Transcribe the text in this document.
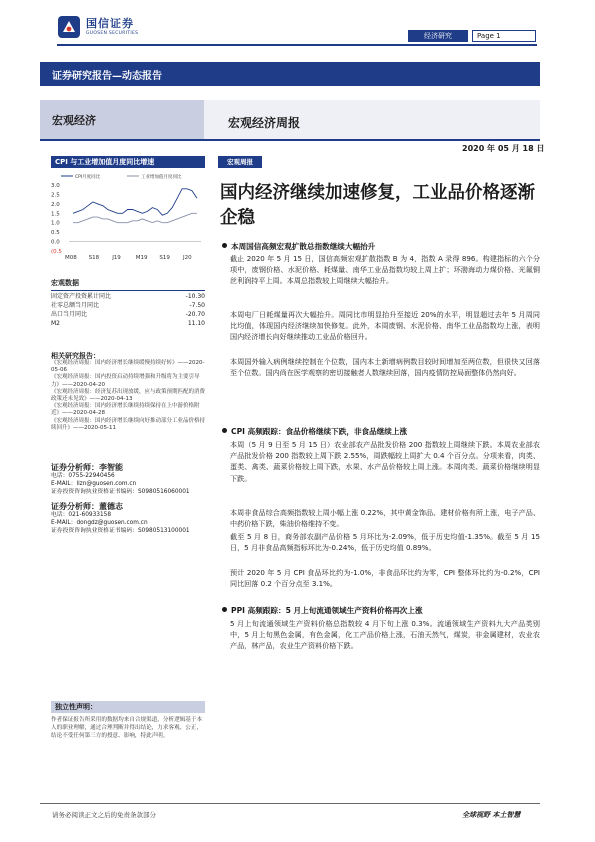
国信证券
GUOSEN SECURITIES	经济研究	Page 1
证券研究报告—动态报告
宏观经济	宏观经济周报
2020 年 05 月 18 日
CPI 与工业增加值月度同比增速
CPI月度同比	工业增加值月度同比
3.0
2.5
2.0
1.5
1.0
0.5
0.0
(0.5
M08 S18 J19	M19 S19 J20
宏观数据
固定资产投资累计同比	-10.30
社零总额当月同比	-7.50
出口当月同比	-20.70
M2	11.10
相关研究报告：
《宏观经济周报：国内经济增长继续缓慢持续好转》——2020-05-06
《宏观经济周报：国内投资启动持续增强和升级将为主要引导力》——2020-04-20
《宏观经济周报：经济复苏出现放缓，应与政策预期匹配的消费政策还未见效》——2020-04-13
《宏观经济周报：国内经济增长继续持续保持在上中游价格附近》——2020-04-28
《宏观经济周报：国内经济增长继续向好推动部分工业品价格持续回升》——2020-05-11
证券分析师：李智能
电话：0755-22940456
E-MAIL：lizn@guosen.com.cn
证券投资咨询执业资格证书编码：S0980516060001
证券分析师：董德志
电话：021-60933158
E-MAIL：dongdz@guosen.com.cn
证券投资咨询执业资格证书编码：S0980513100001
独立性声明：
作者保证报告所采用的数据均来自合规渠道，分析逻辑基于本人的职业理解，通过合理判断并得出结论，力求客观、公正，结论不受任何第三方的授意、影响，特此声明。
宏观周报
国内经济继续加速修复，工业品价格逐渐企稳
本周国信高频宏观扩散总指数继续大幅抬升
截止 2020 年 5 月 15 日，国信高频宏观扩散指数 B 为 4，指数 A 录得 896。构建指标的六个分项中，废钢价格、水泥价格、耗煤量、南华工业品指数均较上周上扩；环渤海动力煤价格、光氟铜丝利润持平上周。本周总指数较上周继续大幅抬升。
本周电厂日耗煤量再次大幅抬升。周同比市明显抬升至接近 20%的水平，明显超过去年 5 月周同比均值，体现国内经济继续加快修复。此外，本周废钢、水泥价格、南华工业品指数均上涨，表明国内经济增长向好继续推动工业品价格回升。
本周国外输入病例继续控制在个位数，国内本土新增病例数目较时间增加至两位数，但很快又回落至个位数。国内尚在医学观察的密切接触者人数继续回落，国内疫情防控局面整体仍然向好。
CPI 高频跟踪：食品价格继续下跌，非食品继续上涨
本周（5 月 9 日至 5 月 15 日）农业部农产品批发价格 200 指数较上周继续下跌。本周农业部农产品批发价格 200 指数较上周下跌 2.55%，周跌幅较上周扩大 0.4 个百分点。分项来看，肉类、蛋类、禽类、蔬菜价格较上周下跌，水果、水产品价格较上周上涨。本周肉类、蔬菜价格继续明显下跌。
本周非食品综合高频指数较上周小幅上涨 0.22%，其中黄金饰品、建材价格有所上涨，电子产品、中药价格下跌，柴油价格维持不变。
截至 5 月 8 日，商务部农副产品价格 5 月环比为-2.09%，低于历史均值-1.35%。截至 5 月 15 日，5 月非食品高频指标环比为-0.24%，低于历史均值 0.89%。
预计 2020 年 5 月 CPI 食品环比约为-1.0%，非食品环比约为零，CPI 整体环比约为-0.2%，CPI 同比回落 0.2 个百分点至 3.1%。
PPI 高频跟踪：5 月上旬流通领域生产资料价格再次上涨
5 月上旬流通领域生产资料价格总指数较 4 月下旬上涨 0.3%。流通领域生产资料九大产品类别中，5 月上旬黑色金属，有色金属，化工产品价格上涨，石油天然气，煤炭，非金属建材，农业农产品，林产品，农业生产资料价格下跌。
请务必阅读正文之后的免责条款部分	全球视野 本土智慧
